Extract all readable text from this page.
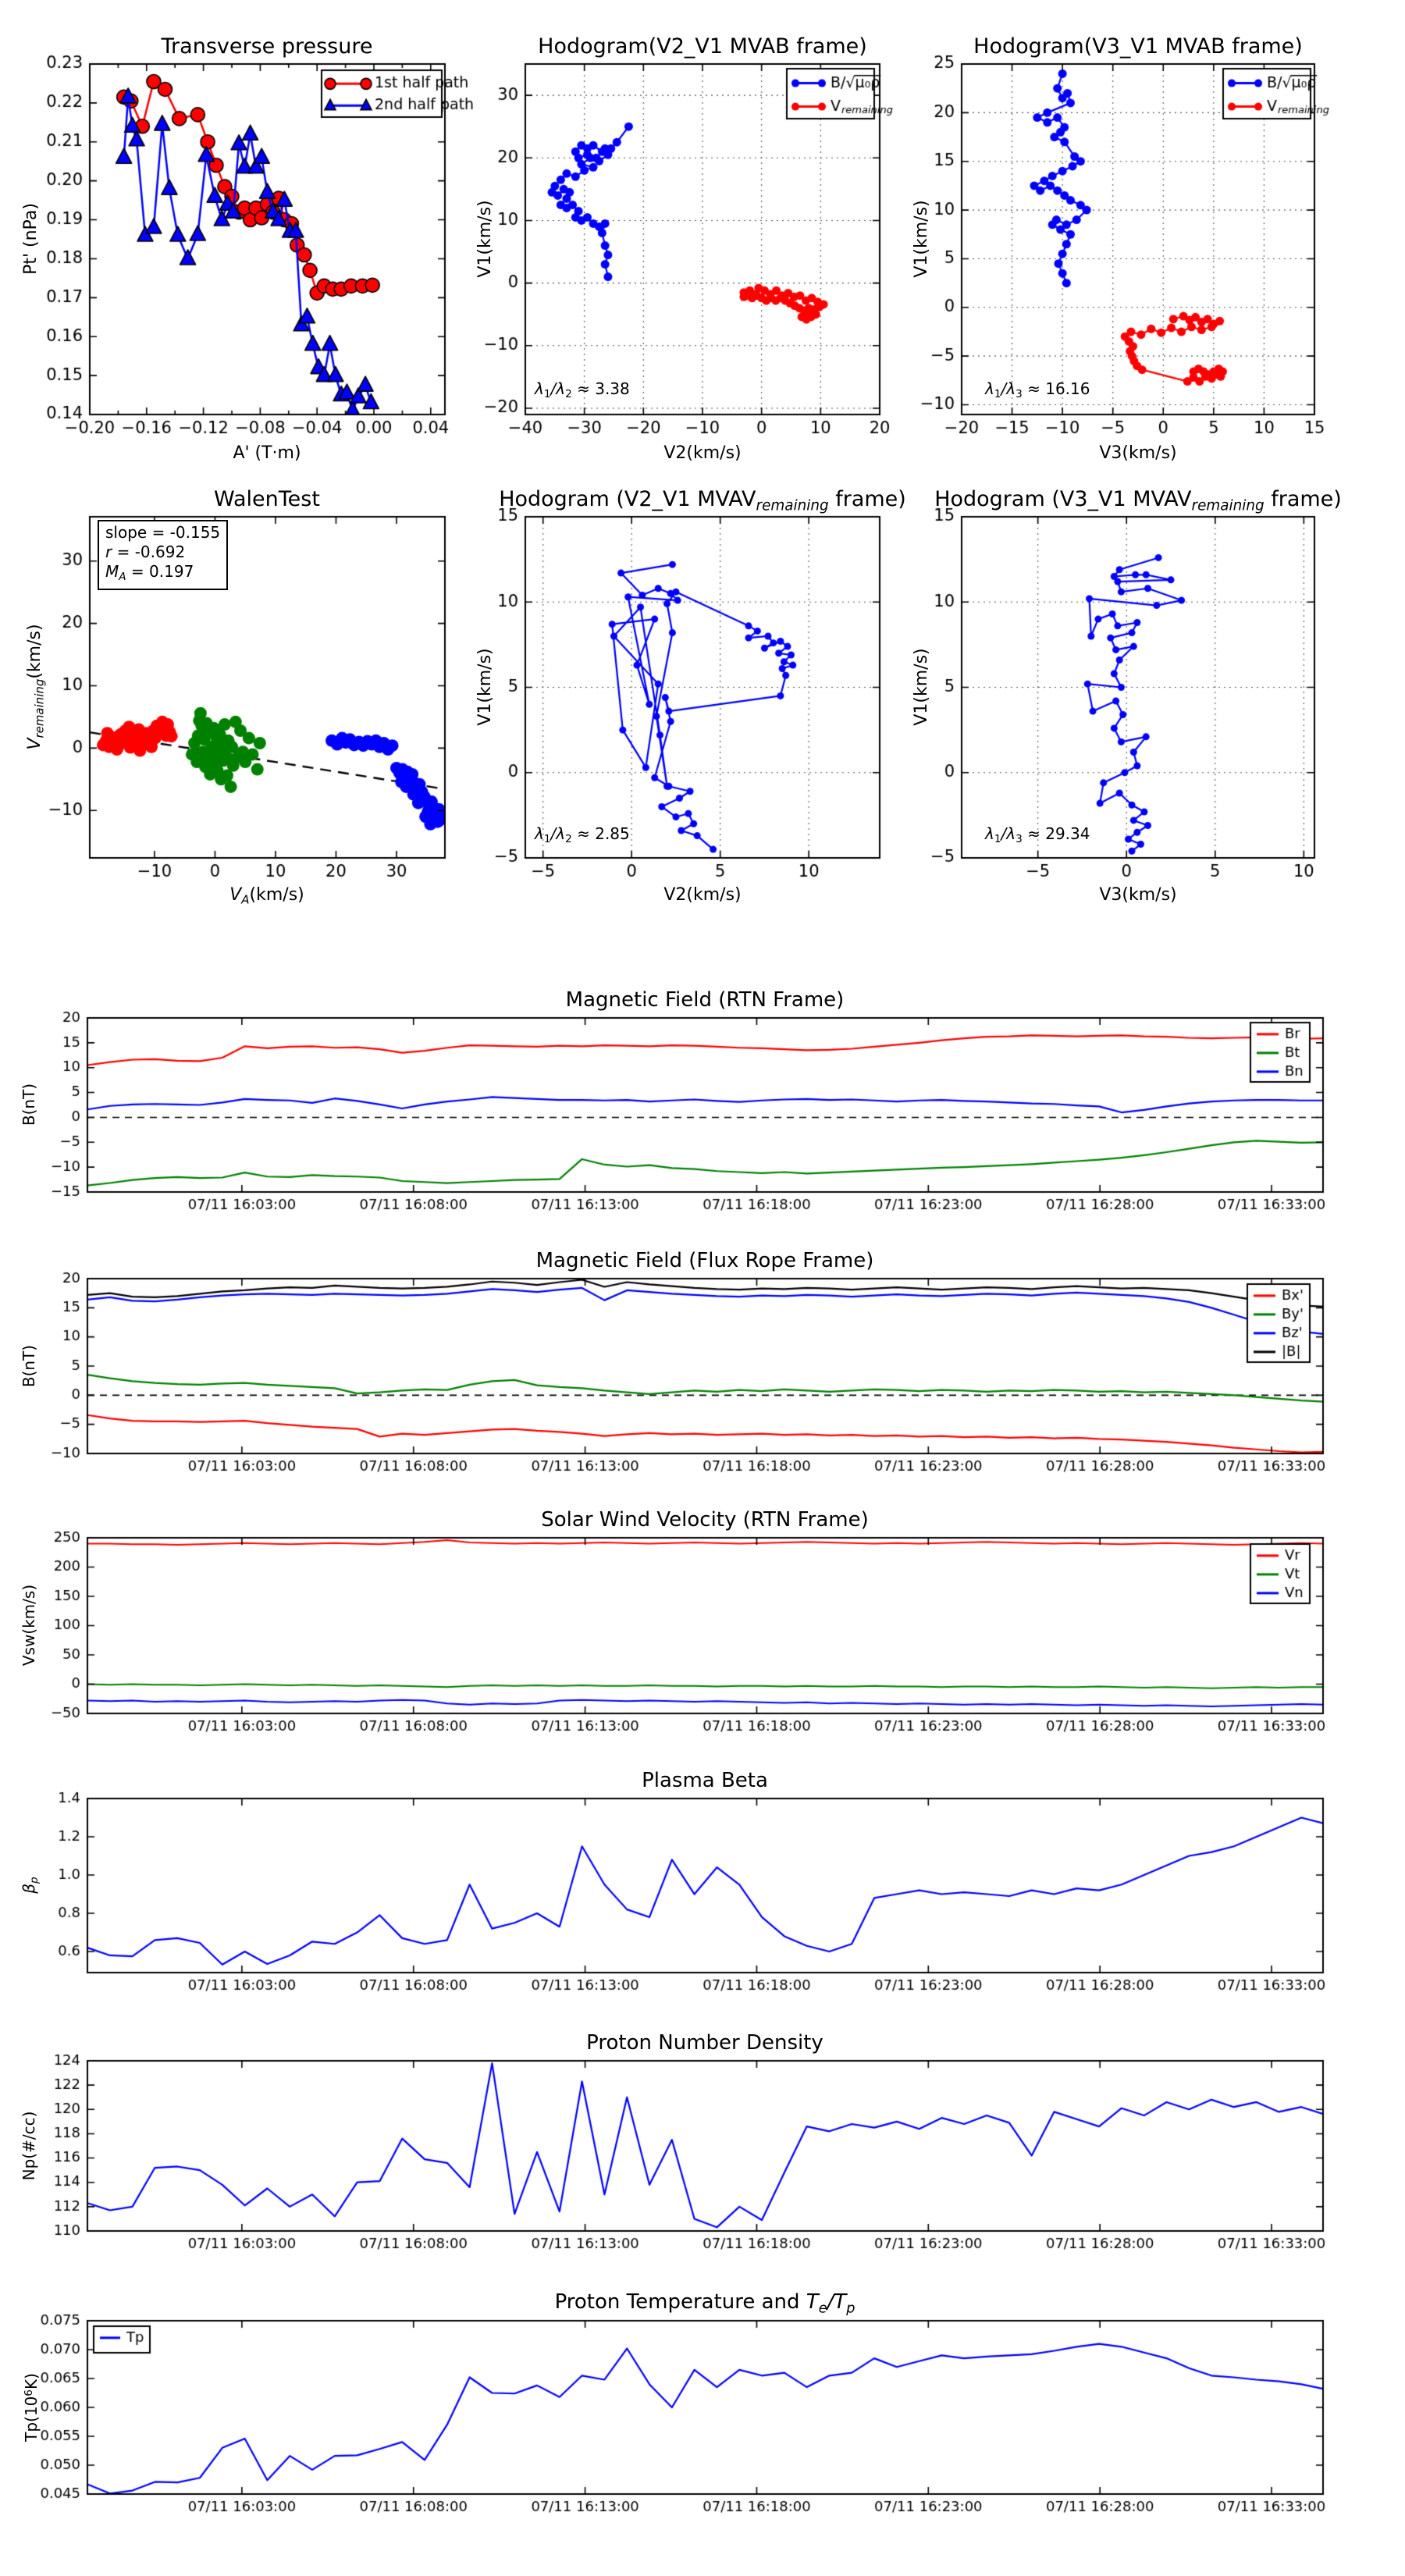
Transverse pressure	Hodogram(V2_V1 MVAB frame)	Hodogram(V3_V1 MVAB frame)
WalenTest	Hodogram (V2_V1 $MVAV_{remaining}$ frame)	Hodogram (V3_V1 $MVAV_{remaining}$ frame)
Magnetic Field (RTN Frame)
Magnetic Field (Flux Rope Frame)
Solar Wind Velocity (RTN Frame)
Plasma Beta
Proton Number Density
Proton Temperature and $T_e/T_p$
A' (T·m)	V2(km/s)	V3(km/s)
Pt' (nPa)	V1(km/s)	V1(km/s)
$V_A(km/s)$	V2(km/s)	V3(km/s)
$V_{remaining}(km/s)$	V1(km/s)	V1(km/s)
B(nT)
B(nT)
Vsw(km/s)
$\beta_p$
Np(#/cc)
$Tp(10^6K)$
$\lambda_1/\lambda_2 \approx 3.38$	$\lambda_1/\lambda_3 \approx 16.16$
$\lambda_1/\lambda_2 \approx 2.85$	$\lambda_1/\lambda_3 \approx 29.34$
slope = -0.155
r = -0.692
$M_A = 0.197$
